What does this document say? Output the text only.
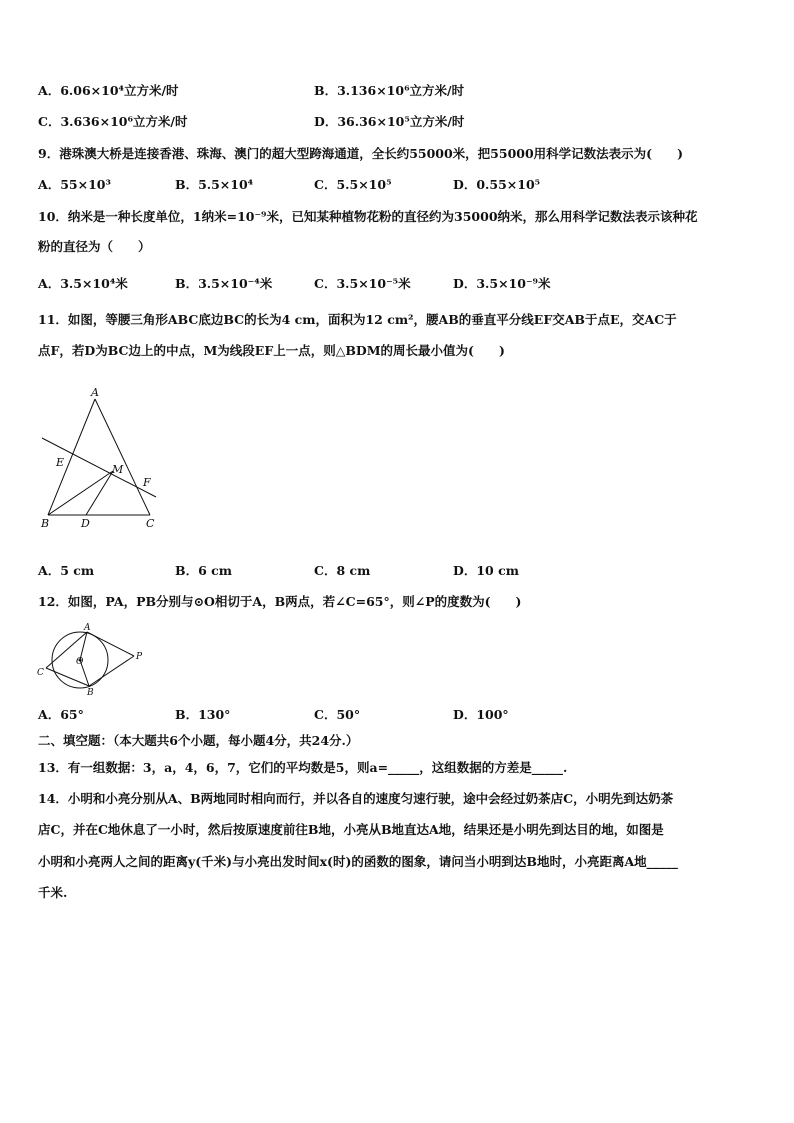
A．6.06×10⁴立方米/时	B．3.136×10⁶立方米/时
C．3.636×10⁶立方米/时	D．36.36×10⁵立方米/时
9．港珠澳大桥是连接香港、珠海、澳门的超大型跨海通道，全长约55000米，把55000用科学记数法表示为(　　)
A．55×10³	B．5.5×10⁴	C．5.5×10⁵	D．0.55×10⁵
10．纳米是一种长度单位，1纳米=10⁻⁹米，已知某种植物花粉的直径约为35000纳米，那么用科学记数法表示该种花
粉的直径为（　　）
A．3.5×10⁴米	B．3.5×10⁻⁴米	C．3.5×10⁻⁵米	D．3.5×10⁻⁹米
11．如图，等腰三角形ABC底边BC的长为4 cm，面积为12 cm²，腰AB的垂直平分线EF交AB于点E，交AC于
点F，若D为BC边上的中点，M为线段EF上一点，则△BDM的周长最小值为(　　)
A
B	C
D
E
F
M
A．5 cm	B．6 cm	C．8 cm	D．10 cm
12．如图，PA，PB分别与⊙O相切于A，B两点，若∠C=65°，则∠P的度数为(　　)
A
B
C
O	P
A．65°	B．130°	C．50°	D．100°
二、填空题：（本大题共6个小题，每小题4分，共24分.）
13．有一组数据：3，a，4，6，7，它们的平均数是5，则a=_____，这组数据的方差是_____.
14．小明和小亮分别从A、B两地同时相向而行，并以各自的速度匀速行驶，途中会经过奶茶店C，小明先到达奶茶
店C，并在C地休息了一小时，然后按原速度前往B地，小亮从B地直达A地，结果还是小明先到达目的地，如图是
小明和小亮两人之间的距离y(千米)与小亮出发时间x(时)的函数的图象，请问当小明到达B地时，小亮距离A地_____
千米.
